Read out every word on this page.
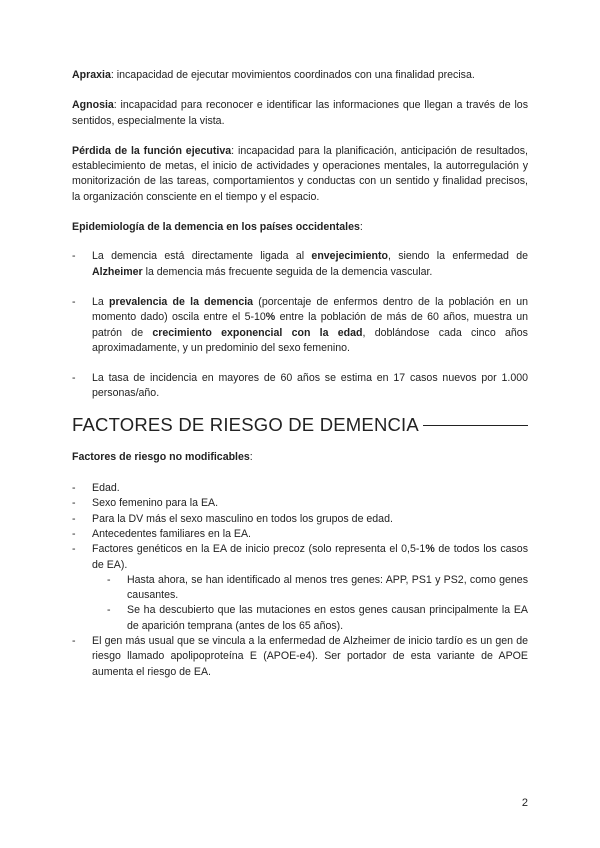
Apraxia: incapacidad de ejecutar movimientos coordinados con una finalidad precisa.

Agnosia: incapacidad para reconocer e identificar las informaciones que llegan a través de los sentidos, especialmente la vista.

Pérdida de la función ejecutiva: incapacidad para la planificación, anticipación de resultados, establecimiento de metas, el inicio de actividades y operaciones mentales, la autorregulación y monitorización de las tareas, comportamientos y conductas con un sentido y finalidad precisos, la organización consciente en el tiempo y el espacio.

Epidemiología de la demencia en los países occidentales:

- La demencia está directamente ligada al envejecimiento, siendo la enfermedad de Alzheimer la demencia más frecuente seguida de la demencia vascular.
- La prevalencia de la demencia (porcentaje de enfermos dentro de la población en un momento dado) oscila entre el 5-10% entre la población de más de 60 años, muestra un patrón de crecimiento exponencial con la edad, doblándose cada cinco años aproximadamente, y un predominio del sexo femenino.
- La tasa de incidencia en mayores de 60 años se estima en 17 casos nuevos por 1.000 personas/año.
FACTORES DE RIESGO DE DEMENCIA

Factores de riesgo no modificables:

- Edad.
- Sexo femenino para la EA.
- Para la DV más el sexo masculino en todos los grupos de edad.
- Antecedentes familiares en la EA.
- Factores genéticos en la EA de inicio precoz (solo representa el 0,5-1% de todos los casos de EA).
- Hasta ahora, se han identificado al menos tres genes: APP, PS1 y PS2, como genes causantes.
- Se ha descubierto que las mutaciones en estos genes causan principalmente la EA de aparición temprana (antes de los 65 años).
- El gen más usual que se vincula a la enfermedad de Alzheimer de inicio tardío es un gen de riesgo llamado apolipoproteína E (APOE-e4). Ser portador de esta variante de APOE aumenta el riesgo de EA.
2
